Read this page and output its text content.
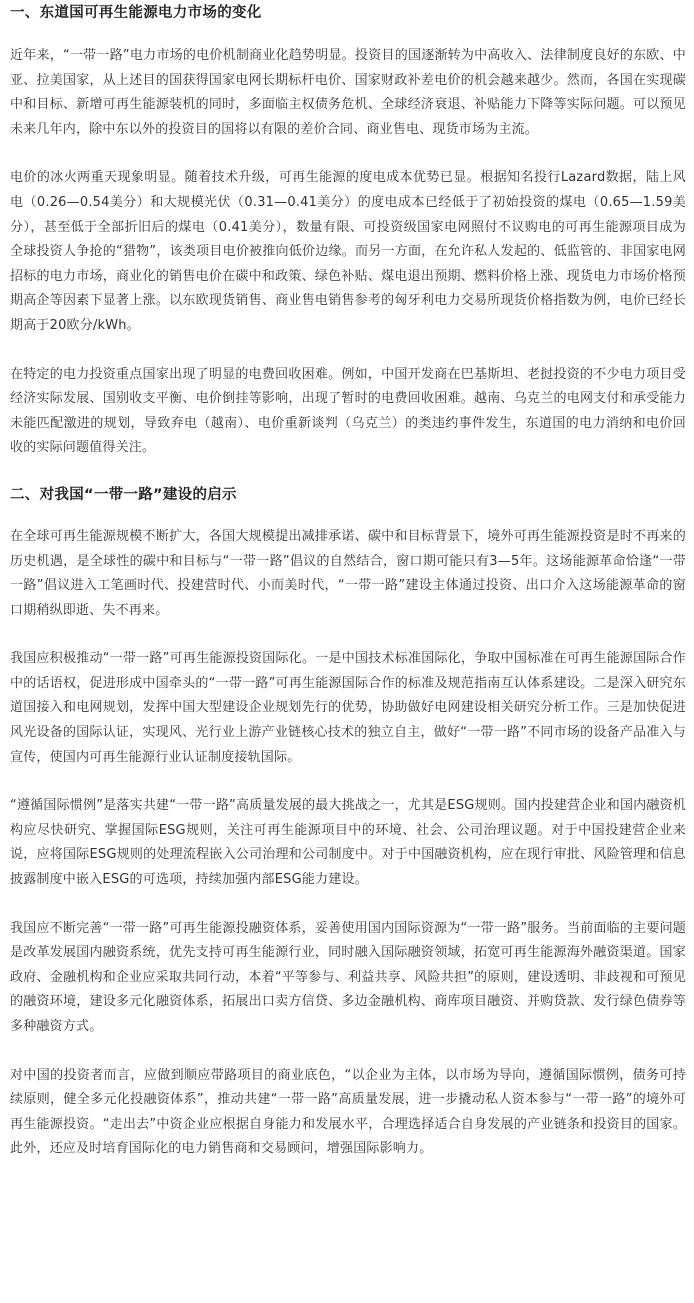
一、东道国可再生能源电力市场的变化

近年来，“一带一路”电力市场的电价机制商业化趋势明显。投资目的国逐渐转为中高收入、法律制度良好的东欧、中亚、拉美国家，从上述目的国获得国家电网长期标杆电价、国家财政补差电价的机会越来越少。然而，各国在实现碳中和目标、新增可再生能源装机的同时，多面临主权债务危机、全球经济衰退、补贴能力下降等实际问题。可以预见未来几年内，除中东以外的投资目的国将以有限的差价合同、商业售电、现货市场为主流。

电价的冰火两重天现象明显。随着技术升级，可再生能源的度电成本优势已显。根据知名投行Lazard数据，陆上风电（0.26—0.54美分）和大规模光伏（0.31—0.41美分）的度电成本已经低于了初始投资的煤电（0.65—1.59美分），甚至低于全部折旧后的煤电（0.41美分），数量有限、可投资级国家电网照付不议购电的可再生能源项目成为全球投资人争抢的“猎物”，该类项目电价被推向低价边缘。而另一方面，在允许私人发起的、低监管的、非国家电网招标的电力市场，商业化的销售电价在碳中和政策、绿色补贴、煤电退出预期、燃料价格上涨、现货电力市场价格预期高企等因素下显著上涨。以东欧现货销售、商业售电销售参考的匈牙利电力交易所现货价格指数为例，电价已经长期高于20欧分/kWh。

在特定的电力投资重点国家出现了明显的电费回收困难。例如，中国开发商在巴基斯坦、老挝投资的不少电力项目受经济实际发展、国别收支平衡、电价倒挂等影响，出现了暂时的电费回收困难。越南、乌克兰的电网支付和承受能力未能匹配激进的规划，导致弃电（越南）、电价重新谈判（乌克兰）的类违约事件发生，东道国的电力消纳和电价回收的实际问题值得关注。

二、对我国“一带一路”建设的启示

在全球可再生能源规模不断扩大，各国大规模提出减排承诺、碳中和目标背景下，境外可再生能源投资是时不再来的历史机遇，是全球性的碳中和目标与“一带一路”倡议的自然结合，窗口期可能只有3—5年。这场能源革命恰逢“一带一路”倡议进入工笔画时代、投建营时代、小而美时代，“一带一路”建设主体通过投资、出口介入这场能源革命的窗口期稍纵即逝、失不再来。

我国应积极推动“一带一路”可再生能源投资国际化。一是中国技术标准国际化，争取中国标准在可再生能源国际合作中的话语权，促进形成中国牵头的“一带一路”可再生能源国际合作的标准及规范指南互认体系建设。二是深入研究东道国接入和电网规划，发挥中国大型建设企业规划先行的优势，协助做好电网建设相关研究分析工作。三是加快促进风光设备的国际认证，实现风、光行业上游产业链核心技术的独立自主，做好“一带一路”不同市场的设备产品准入与宣传，使国内可再生能源行业认证制度接轨国际。

“遵循国际惯例”是落实共建“一带一路”高质量发展的最大挑战之一，尤其是ESG规则。国内投建营企业和国内融资机构应尽快研究、掌握国际ESG规则，关注可再生能源项目中的环境、社会、公司治理议题。对于中国投建营企业来说，应将国际ESG规则的处理流程嵌入公司治理和公司制度中。对于中国融资机构，应在现行审批、风险管理和信息披露制度中嵌入ESG的可选项，持续加强内部ESG能力建设。

我国应不断完善“一带一路”可再生能源投融资体系，妥善使用国内国际资源为“一带一路”服务。当前面临的主要问题是改革发展国内融资系统，优先支持可再生能源行业，同时融入国际融资领域，拓宽可再生能源海外融资渠道。国家政府、金融机构和企业应采取共同行动，本着“平等参与、利益共享、风险共担”的原则，建设透明、非歧视和可预见的融资环境，建设多元化融资体系，拓展出口卖方信贷、多边金融机构、商库项目融资、并购贷款、发行绿色债券等多种融资方式。

对中国的投资者而言，应做到顺应带路项目的商业底色，“以企业为主体，以市场为导向，遵循国际惯例，债务可持续原则，健全多元化投融资体系”，推动共建“一带一路”高质量发展，进一步撬动私人资本参与“一带一路”的境外可再生能源投资。“走出去”中资企业应根据自身能力和发展水平，合理选择适合自身发展的产业链条和投资目的国家。此外，还应及时培育国际化的电力销售商和交易顾问，增强国际影响力。
